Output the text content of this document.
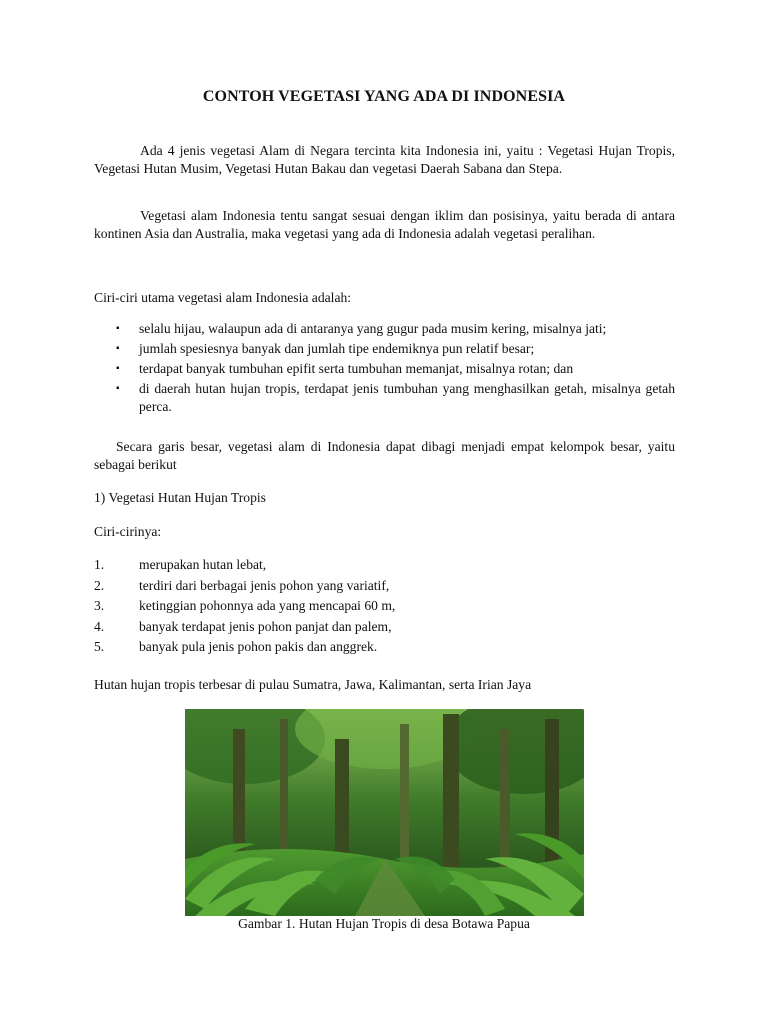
CONTOH VEGETASI YANG ADA DI INDONESIA
Ada 4 jenis vegetasi Alam di Negara tercinta kita Indonesia ini, yaitu : Vegetasi Hujan Tropis, Vegetasi Hutan Musim, Vegetasi Hutan Bakau dan vegetasi Daerah Sabana dan Stepa.
Vegetasi alam Indonesia tentu sangat sesuai dengan iklim dan posisinya, yaitu berada di antara kontinen Asia dan Australia, maka vegetasi yang ada di Indonesia adalah vegetasi peralihan.
Ciri-ciri utama vegetasi alam Indonesia adalah:
▪ selalu hijau, walaupun ada di antaranya yang gugur pada musim kering, misalnya jati;
▪ jumlah spesiesnya banyak dan jumlah tipe endemiknya pun relatif besar;
▪ terdapat banyak tumbuhan epifit serta tumbuhan memanjat, misalnya rotan; dan
▪ di daerah hutan hujan tropis, terdapat jenis tumbuhan yang menghasilkan getah, misalnya getah perca.
Secara garis besar, vegetasi alam di Indonesia dapat dibagi menjadi empat kelompok besar, yaitu sebagai berikut
1) Vegetasi Hutan Hujan Tropis
Ciri-cirinya:
1.	merupakan hutan lebat,
2.	terdiri dari berbagai jenis pohon yang variatif,
3.	ketinggian pohonnya ada yang mencapai 60 m,
4.	banyak terdapat jenis pohon panjat dan palem,
5.	banyak pula jenis pohon pakis dan anggrek.
Hutan hujan tropis terbesar di pulau Sumatra, Jawa, Kalimantan, serta Irian Jaya
Gambar 1. Hutan Hujan Tropis di desa Botawa Papua
